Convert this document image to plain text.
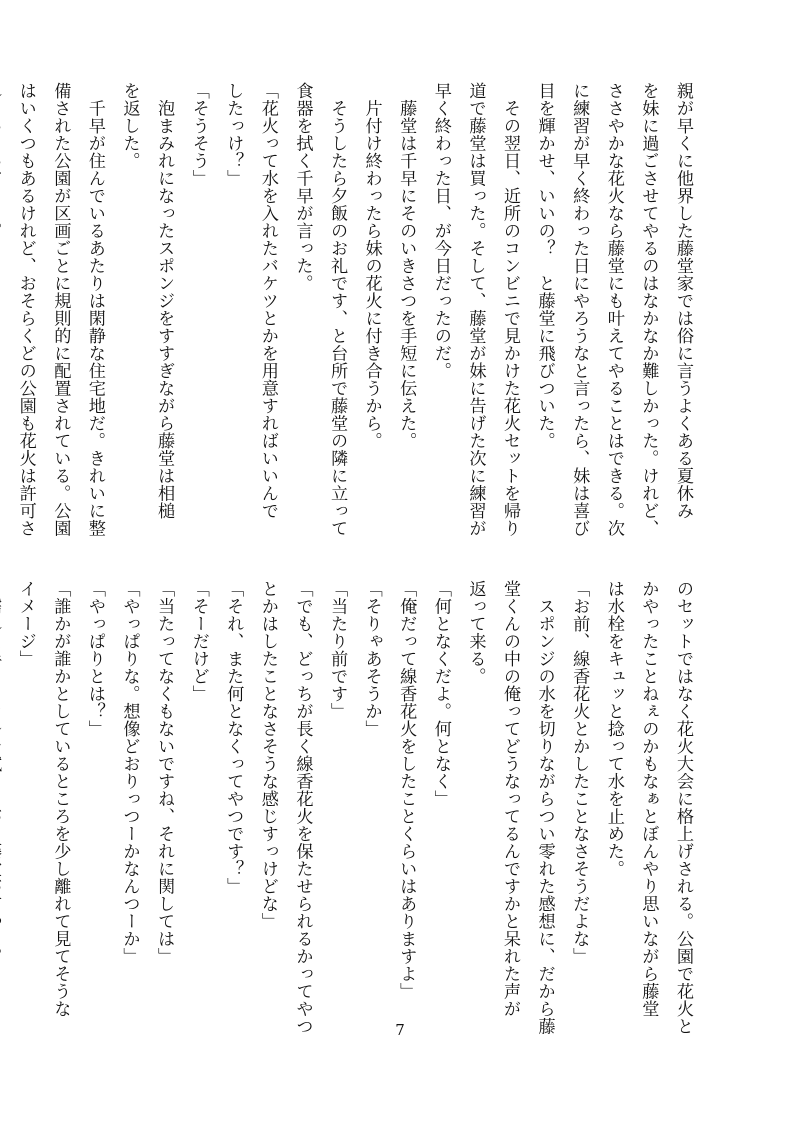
親が早くに他界した藤堂家では俗に言うよくある夏休み

を妹に過ごさせてやるのはなかなか難しかった。けれど、

ささやかな花火なら藤堂にも叶えてやることはできる。次

に練習が早く終わった日にやろうなと言ったら、妹は喜び

目を輝かせ、いいの？　と藤堂に飛びついた。

　その翌日、近所のコンビニで見かけた花火セットを帰り

道で藤堂は買った。そして、藤堂が妹に告げた次に練習が

早く終わった日、が今日だったのだ。

　藤堂は千早にそのいきさつを手短に伝えた。

　片付け終わったら妹の花火に付き合うから。

　そうしたら夕飯のお礼です、と台所で藤堂の隣に立って

食器を拭く千早が言った。

「花火って水を入れたバケツとかを用意すればいいんで

したっけ？」

「そうそう」

　泡まみれになったスポンジをすすぎながら藤堂は相槌

を返した。

　千早が住んでいるあたりは閑静な住宅地だ。きれいに整

備された公園が区画ごとに規則的に配置されている。公園

はいくつもあるけれど、おそらくどの公園も花火は許可さ

のセットではなく花火大会に格上げされる。公園で花火と

かやったことねぇのかもなぁとぼんやり思いながら藤堂

は水栓をキュッと捻って水を止めた。

「お前、線香花火とかしたことなさそうだよな」

　スポンジの水を切りながらつい零れた感想に、だから藤

堂くんの中の俺ってどうなってるんですかと呆れた声が

返って来る。

「何となくだよ。何となく」

「俺だって線香花火をしたことくらいはありますよ」

「そりゃあそうか」

「当たり前です」

「でも、どっちが長く線香花火を保たせられるかってやつ

とかはしたことなさそうな感じすっけどな」

「それ、また何となくってやつです？」

「そーだけど」

「当たってなくもないですね、それに関しては」

「やっぱりな。想像どおりっつーかなんつーか」

「やっぱりとは？」

「誰かが誰かとしているところを少し離れて見てそうな

イメージ」

7
